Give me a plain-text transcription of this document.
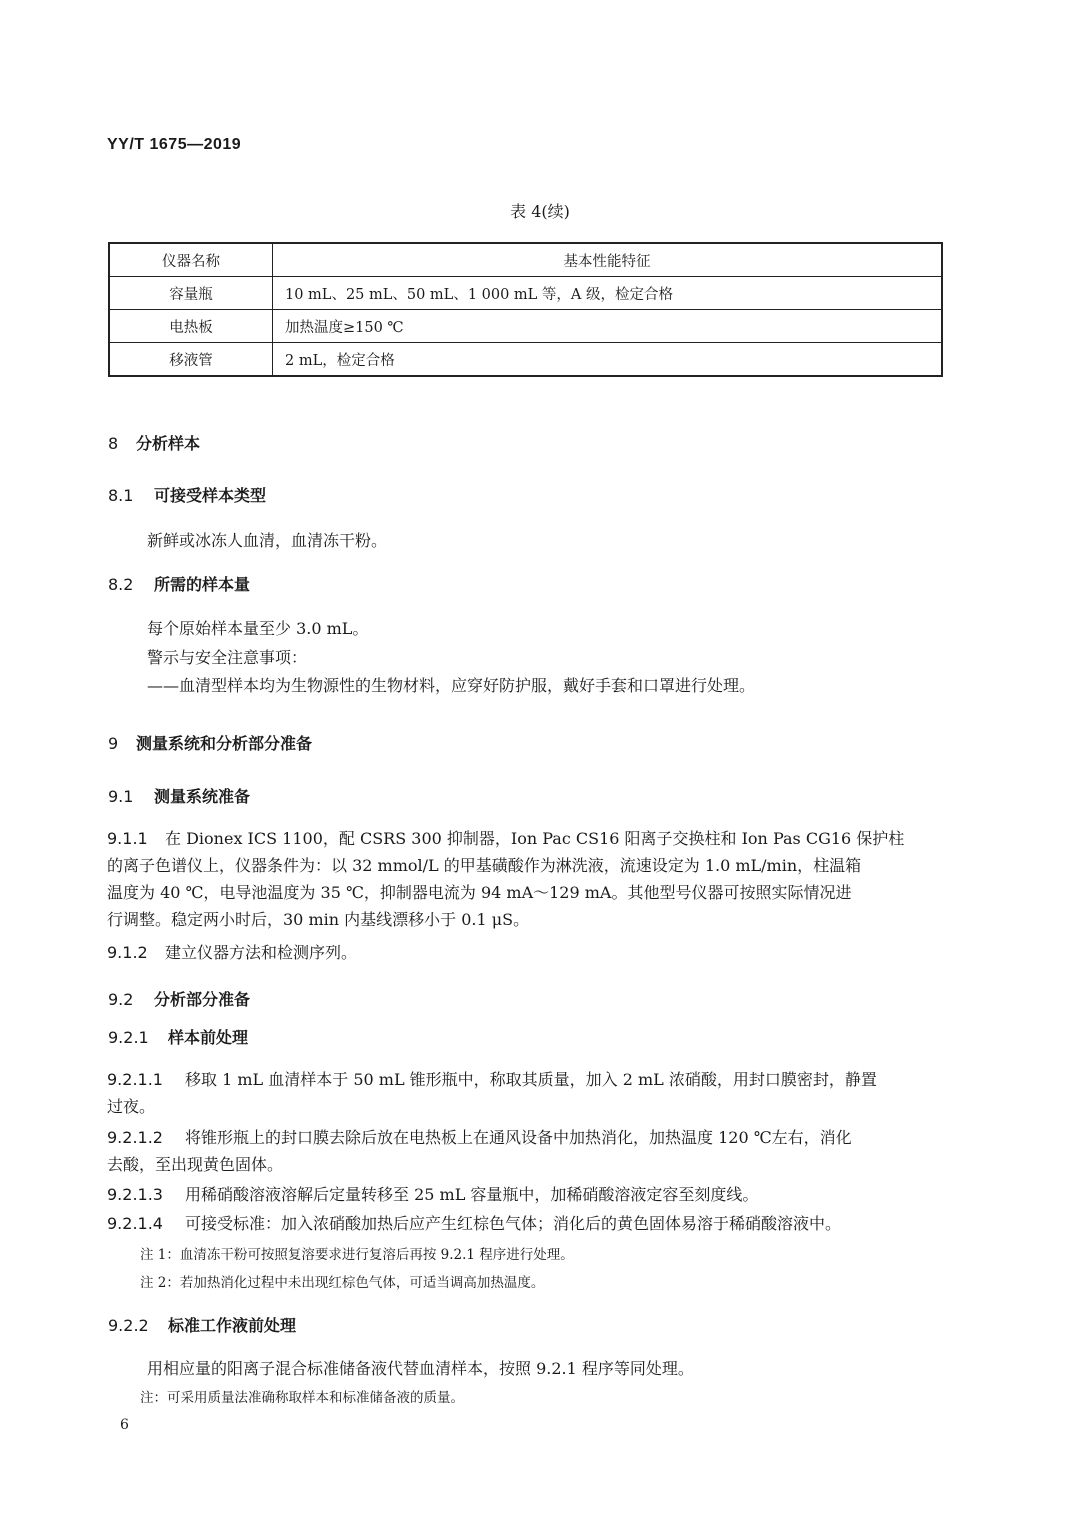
YY/T 1675—2019
表 4(续)
仪器名称	基本性能特征
容量瓶	10 mL、25 mL、50 mL、1 000 mL 等，A 级，检定合格
电热板	加热温度≥150 ℃
移液管	2 mL，检定合格
8 分析样本
8.1 可接受样本类型
新鲜或冰冻人血清，血清冻干粉。
8.2 所需的样本量
每个原始样本量至少 3.0 mL。
警示与安全注意事项：
——血清型样本均为生物源性的生物材料，应穿好防护服，戴好手套和口罩进行处理。
9 测量系统和分析部分准备
9.1 测量系统准备
9.1.1 在 Dionex ICS 1100，配 CSRS 300 抑制器，Ion Pac CS16 阳离子交换柱和 Ion Pas CG16 保护柱
的离子色谱仪上，仪器条件为：以 32 mmol/L 的甲基磺酸作为淋洗液，流速设定为 1.0 mL/min，柱温箱
温度为 40 ℃，电导池温度为 35 ℃，抑制器电流为 94 mA～129 mA。其他型号仪器可按照实际情况进
行调整。稳定两小时后，30 min 内基线漂移小于 0.1 μS。
9.1.2 建立仪器方法和检测序列。
9.2 分析部分准备
9.2.1 样本前处理
9.2.1.1 移取 1 mL 血清样本于 50 mL 锥形瓶中，称取其质量，加入 2 mL 浓硝酸，用封口膜密封，静置
过夜。
9.2.1.2 将锥形瓶上的封口膜去除后放在电热板上在通风设备中加热消化，加热温度 120 ℃左右，消化
去酸，至出现黄色固体。
9.2.1.3 用稀硝酸溶液溶解后定量转移至 25 mL 容量瓶中，加稀硝酸溶液定容至刻度线。
9.2.1.4 可接受标准：加入浓硝酸加热后应产生红棕色气体；消化后的黄色固体易溶于稀硝酸溶液中。
注 1：血清冻干粉可按照复溶要求进行复溶后再按 9.2.1 程序进行处理。
注 2：若加热消化过程中未出现红棕色气体，可适当调高加热温度。
9.2.2 标准工作液前处理
用相应量的阳离子混合标准储备液代替血清样本，按照 9.2.1 程序等同处理。
注：可采用质量法准确称取样本和标准储备液的质量。
6
